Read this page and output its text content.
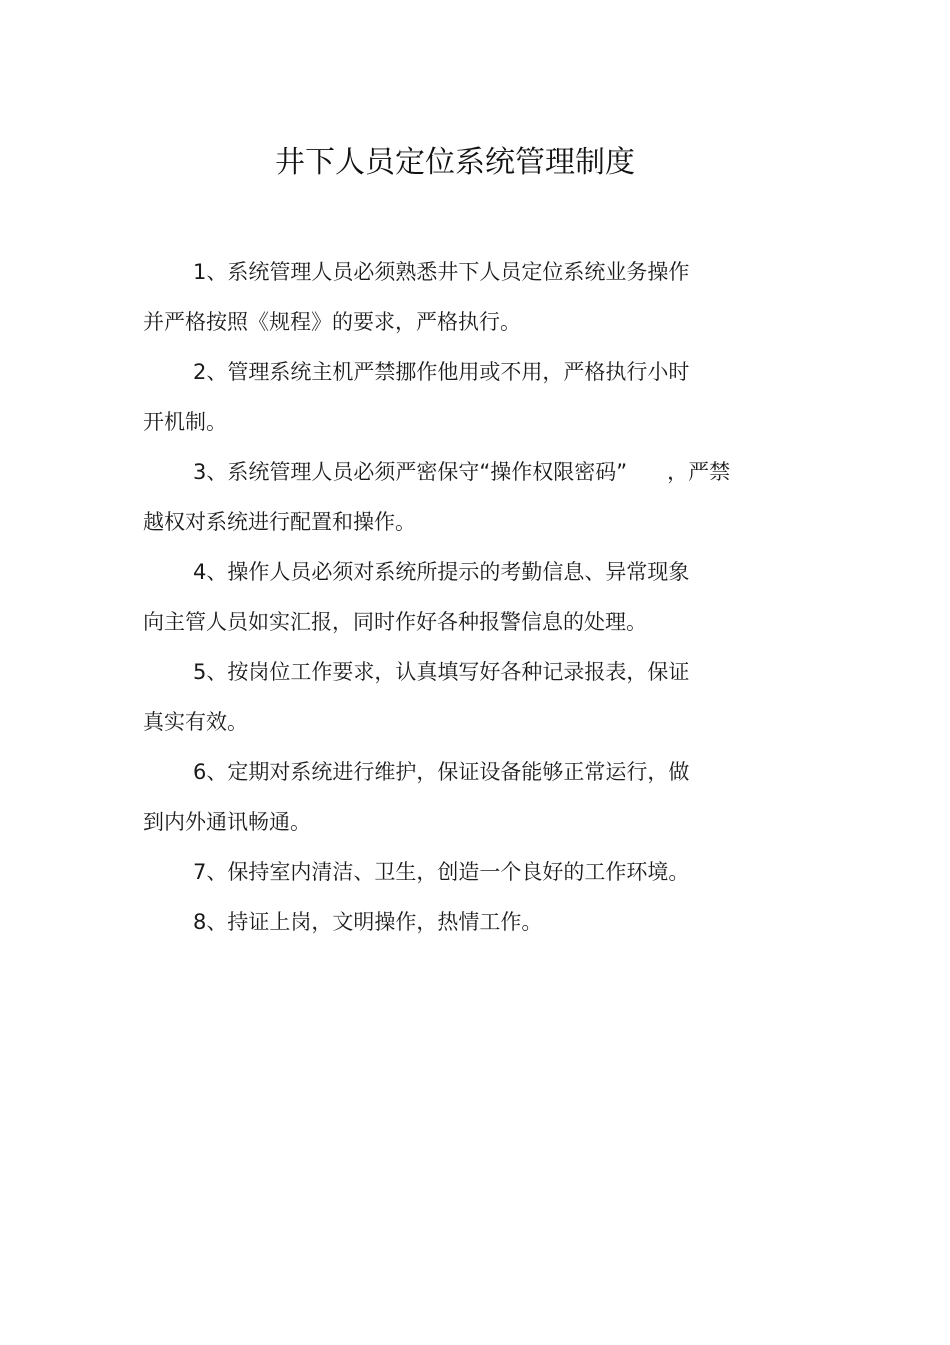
井下人员定位系统管理制度
1、系统管理人员必须熟悉井下人员定位系统业务操作
并严格按照《规程》的要求，严格执行。
2、管理系统主机严禁挪作他用或不用，严格执行小时
开机制。
3、系统管理人员必须严密保守“操作权限密码” ，严禁
越权对系统进行配置和操作。
4、操作人员必须对系统所提示的考勤信息、异常现象
向主管人员如实汇报，同时作好各种报警信息的处理。
5、按岗位工作要求，认真填写好各种记录报表，保证
真实有效。
6、定期对系统进行维护，保证设备能够正常运行，做
到内外通讯畅通。
7、保持室内清洁、卫生，创造一个良好的工作环境。
8、持证上岗，文明操作，热情工作。
